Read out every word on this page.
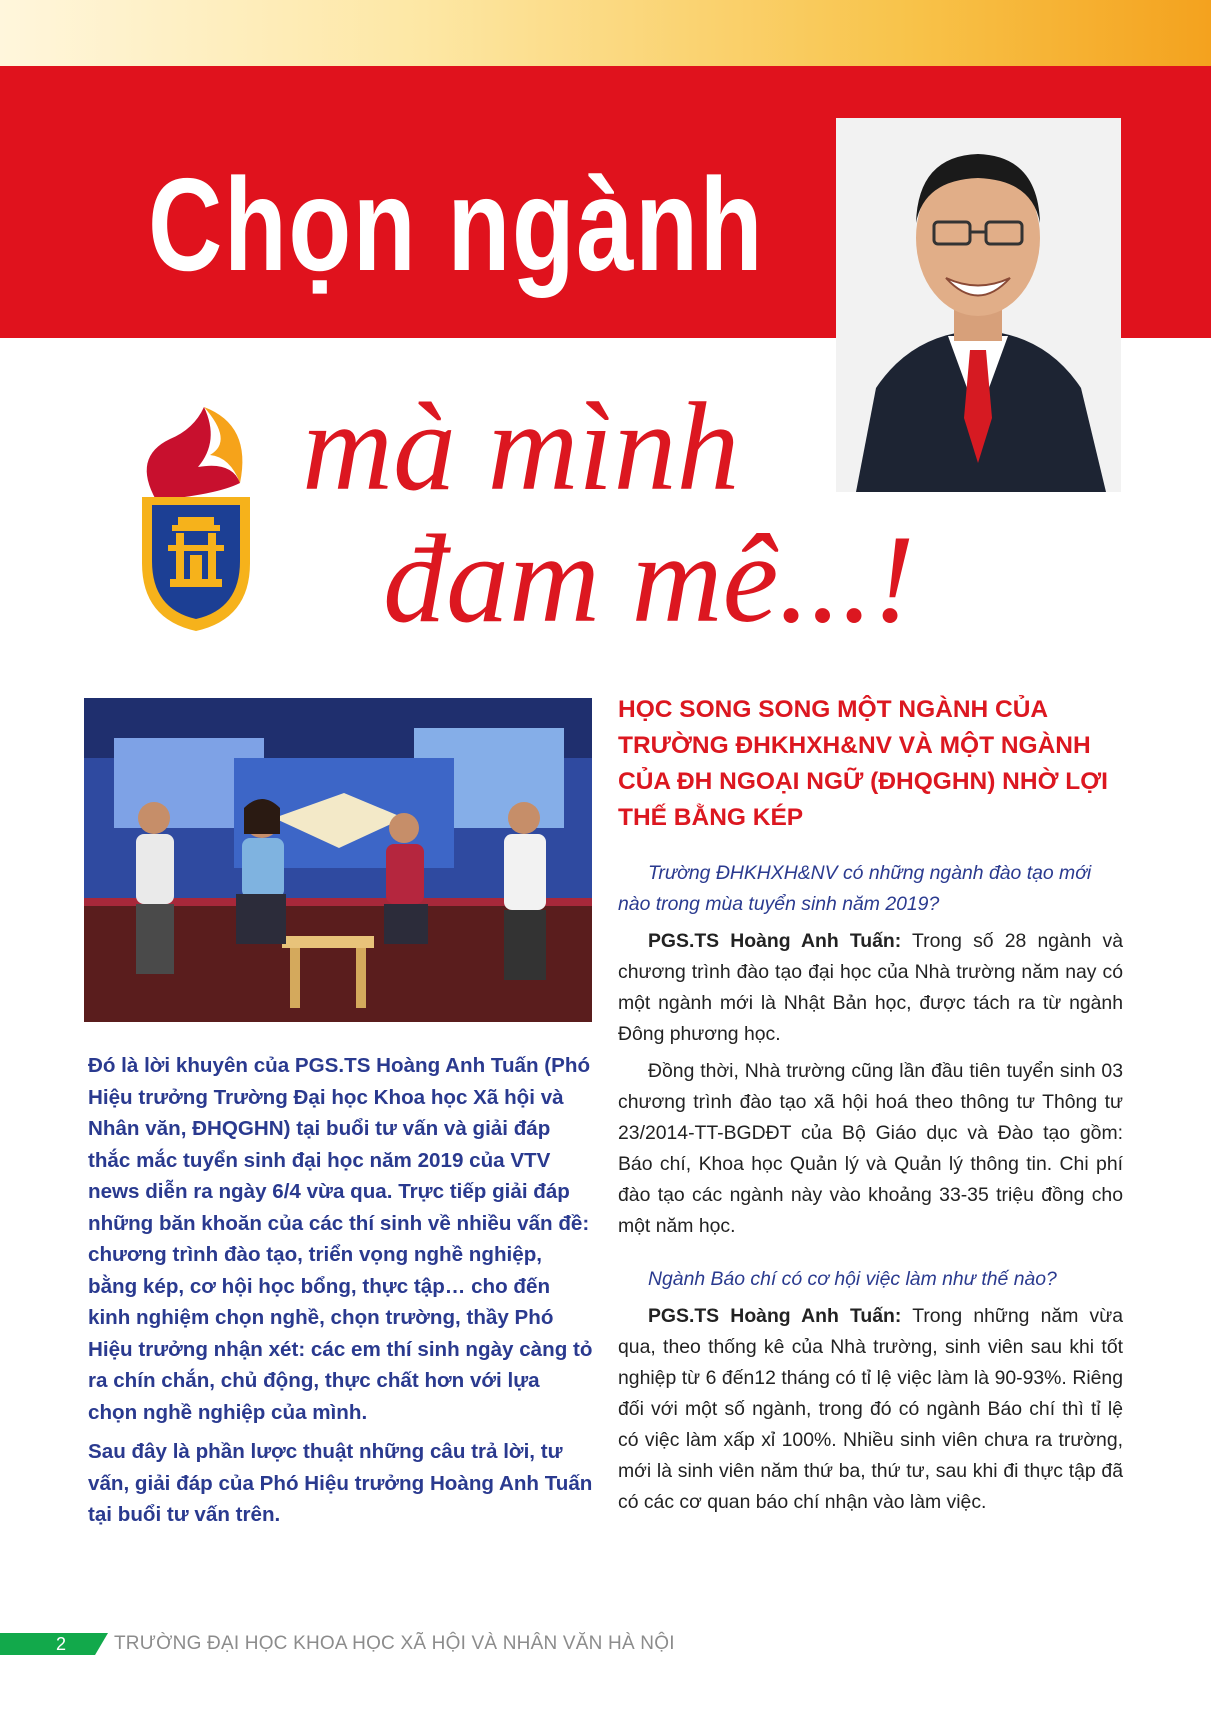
Chọn ngành
mà mình
đam mê...!

Đó là lời khuyên của PGS.TS Hoàng Anh Tuấn (Phó Hiệu trưởng Trường Đại học Khoa học Xã hội và Nhân văn, ĐHQGHN) tại buổi tư vấn và giải đáp thắc mắc tuyển sinh đại học năm 2019 của VTV news diễn ra ngày 6/4 vừa qua. Trực tiếp giải đáp những băn khoăn của các thí sinh về nhiều vấn đề: chương trình đào tạo, triển vọng nghề nghiệp, bằng kép, cơ hội học bổng, thực tập… cho đến kinh nghiệm chọn nghề, chọn trường, thầy Phó Hiệu trưởng nhận xét: các em thí sinh ngày càng tỏ ra chín chắn, chủ động, thực chất hơn với lựa chọn nghề nghiệp của mình.

Sau đây là phần lược thuật những câu trả lời, tư vấn, giải đáp của Phó Hiệu trưởng Hoàng Anh Tuấn tại buổi tư vấn trên.

HỌC SONG SONG MỘT NGÀNH CỦA TRƯỜNG ĐHKHXH&NV VÀ MỘT NGÀNH CỦA ĐH NGOẠI NGỮ (ĐHQGHN) NHỜ LỢI THẾ BẰNG KÉP

Trường ĐHKHXH&NV có những ngành đào tạo mới nào trong mùa tuyển sinh năm 2019?

PGS.TS Hoàng Anh Tuấn: Trong số 28 ngành và chương trình đào tạo đại học của Nhà trường năm nay có một ngành mới là Nhật Bản học, được tách ra từ ngành Đông phương học.

Đồng thời, Nhà trường cũng lần đầu tiên tuyển sinh 03 chương trình đào tạo xã hội hoá theo thông tư Thông tư 23/2014-TT-BGDĐT của Bộ Giáo dục và Đào tạo gồm: Báo chí, Khoa học Quản lý và Quản lý thông tin. Chi phí đào tạo các ngành này vào khoảng 33-35 triệu đồng cho một năm học.

Ngành Báo chí có cơ hội việc làm như thế nào?

PGS.TS Hoàng Anh Tuấn: Trong những năm vừa qua, theo thống kê của Nhà trường, sinh viên sau khi tốt nghiệp từ 6 đến12 tháng có tỉ lệ việc làm là 90-93%. Riêng đối với một số ngành, trong đó có ngành Báo chí thì tỉ lệ có việc làm xấp xỉ 100%. Nhiều sinh viên chưa ra trường, mới là sinh viên năm thứ ba, thứ tư, sau khi đi thực tập đã có các cơ quan báo chí nhận vào làm việc.

2	TRƯỜNG ĐẠI HỌC KHOA HỌC XÃ HỘI VÀ NHÂN VĂN HÀ NỘI
